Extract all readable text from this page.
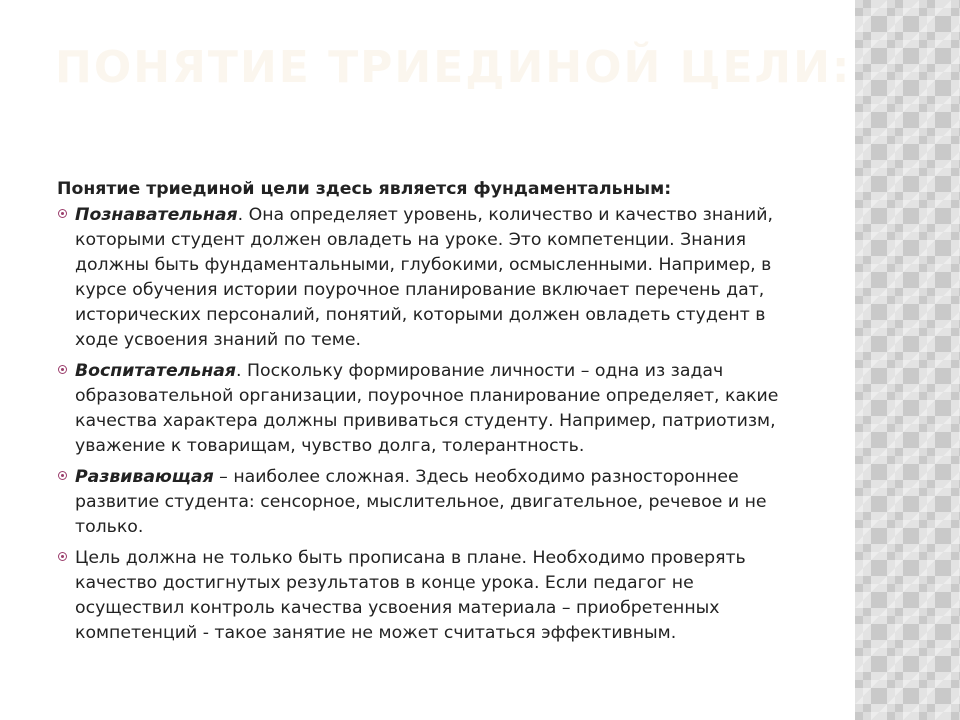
ПОНЯТИЕ ТРИЕДИНОЙ ЦЕЛИ:

Понятие триединой цели здесь является фундаментальным:

Познавательная. Она определяет уровень, количество и качество знаний, которыми студент должен овладеть на уроке. Это компетенции. Знания должны быть фундаментальными, глубокими, осмысленными. Например, в курсе обучения истории поурочное планирование включает перечень дат, исторических персоналий, понятий, которыми должен овладеть студент в ходе усвоения знаний по теме.
Воспитательная. Поскольку формирование личности – одна из задач образовательной организации, поурочное планирование определяет, какие качества характера должны прививаться студенту. Например, патриотизм, уважение к товарищам, чувство долга, толерантность.
Развивающая – наиболее сложная. Здесь необходимо разностороннее развитие студента: сенсорное, мыслительное, двигательное, речевое и не только.
Цель должна не только быть прописана в плане. Необходимо проверять качество достигнутых результатов в конце урока. Если педагог не осуществил контроль качества усвоения материала – приобретенных компетенций - такое занятие не может считаться эффективным.
